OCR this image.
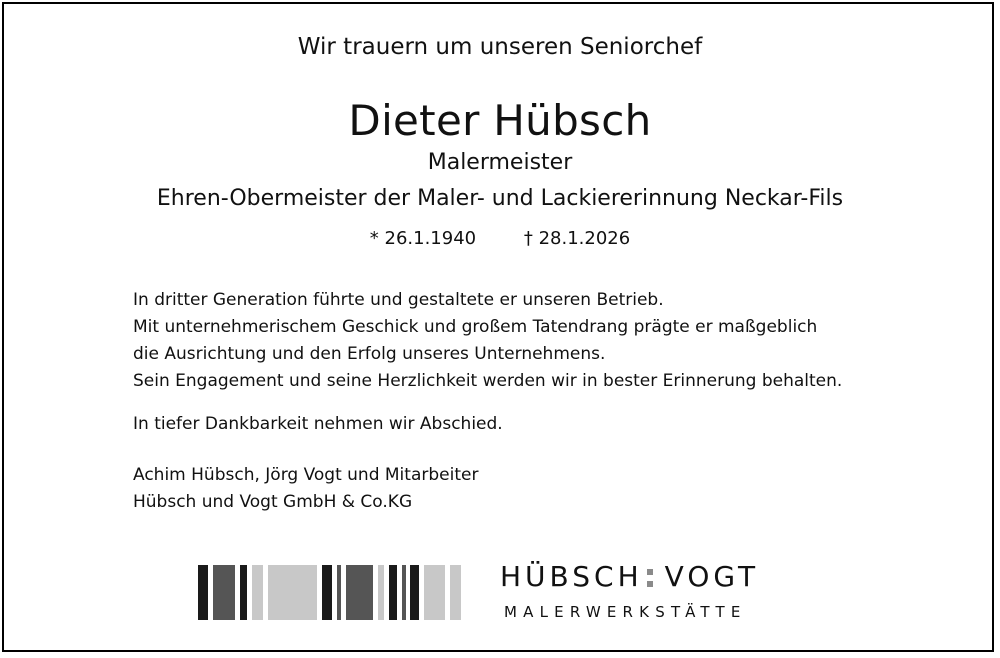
Wir trauern um unseren Seniorchef
Dieter Hübsch
Malermeister
Ehren-Obermeister der Maler- und Lackiererinnung Neckar-Fils
* 26.1.1940	† 28.1.2026
In dritter Generation führte und gestaltete er unseren Betrieb.
Mit unternehmerischem Geschick und großem Tatendrang prägte er maßgeblich
die Ausrichtung und den Erfolg unseres Unternehmens.
Sein Engagement und seine Herzlichkeit werden wir in bester Erinnerung behalten.
In tiefer Dankbarkeit nehmen wir Abschied.
Achim Hübsch, Jörg Vogt und Mitarbeiter
Hübsch und Vogt GmbH & Co.KG
HÜBSCH VOGT
MALERWERKSTÄTTE
